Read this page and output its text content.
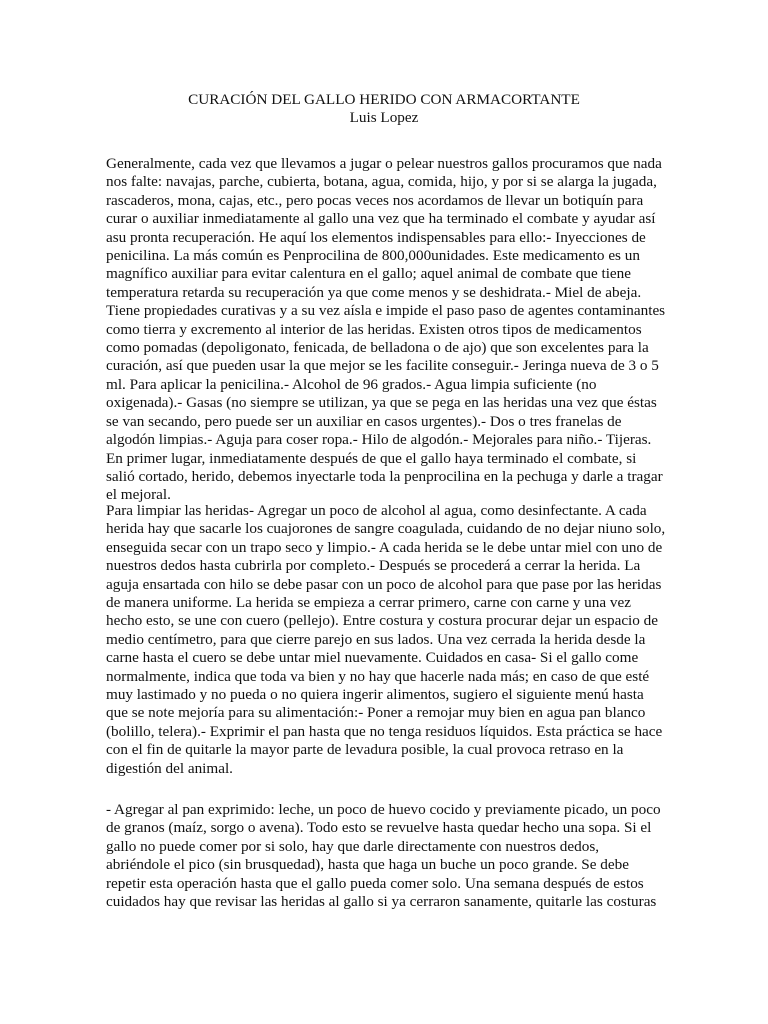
CURACIÓN DEL GALLO HERIDO CON ARMACORTANTE
Luis Lopez

Generalmente, cada vez que llevamos a jugar o pelear nuestros gallos procuramos que nada nos falte: navajas, parche, cubierta, botana, agua, comida, hijo, y por si se alarga la jugada, rascaderos, mona, cajas, etc., pero pocas veces nos acordamos de llevar un botiquín para curar o auxiliar inmediatamente al gallo una vez que ha terminado el combate y ayudar así asu pronta recuperación. He aquí los elementos indispensables para ello:- Inyecciones de penicilina. La más común es Penprocilina de 800,000unidades. Este medicamento es un magnífico auxiliar para evitar calentura en el gallo; aquel animal de combate que tiene temperatura retarda su recuperación ya que come menos y se deshidrata.- Miel de abeja. Tiene propiedades curativas y a su vez aísla e impide el paso paso de agentes contaminantes como tierra y excremento al interior de las heridas. Existen otros tipos de medicamentos como pomadas (depoligonato, fenicada, de belladona o de ajo) que son excelentes para la curación, así que pueden usar la que mejor se les facilite conseguir.- Jeringa nueva de 3 o 5 ml. Para aplicar la penicilina.- Alcohol de 96 grados.- Agua limpia suficiente (no oxigenada).- Gasas (no siempre se utilizan, ya que se pega en las heridas una vez que éstas se van secando, pero puede ser un auxiliar en casos urgentes).- Dos o tres franelas de algodón limpias.- Aguja para coser ropa.- Hilo de algodón.- Mejorales para niño.- Tijeras. En primer lugar, inmediatamente después de que el gallo haya terminado el combate, si salió cortado, herido, debemos inyectarle toda la penprocilina en la pechuga y darle a tragar el mejoral.

Para limpiar las heridas- Agregar un poco de alcohol al agua, como desinfectante. A cada herida hay que sacarle los cuajorones de sangre coagulada, cuidando de no dejar niuno solo, enseguida secar con un trapo seco y limpio.- A cada herida se le debe untar miel con uno de nuestros dedos hasta cubrirla por completo.- Después se procederá a cerrar la herida. La aguja ensartada con hilo se debe pasar con un poco de alcohol para que pase por las heridas de manera uniforme. La herida se empieza a cerrar primero, carne con carne y una vez hecho esto, se une con cuero (pellejo). Entre costura y costura procurar dejar un espacio de medio centímetro, para que cierre parejo en sus lados. Una vez cerrada la herida desde la carne hasta el cuero se debe untar miel nuevamente. Cuidados en casa- Si el gallo come normalmente, indica que toda va bien y no hay que hacerle nada más; en caso de que esté muy lastimado y no pueda o no quiera ingerir alimentos, sugiero el siguiente menú hasta que se note mejoría para su alimentación:- Poner a remojar muy bien en agua pan blanco (bolillo, telera).- Exprimir el pan hasta que no tenga residuos líquidos. Esta práctica se hace con el fin de quitarle la mayor parte de levadura posible, la cual provoca retraso en la digestión del animal.

- Agregar al pan exprimido: leche, un poco de huevo cocido y previamente picado, un poco de granos (maíz, sorgo o avena). Todo esto se revuelve hasta quedar hecho una sopa. Si el gallo no puede comer por si solo, hay que darle directamente con nuestros dedos, abriéndole el pico (sin brusquedad), hasta que haga un buche un poco grande. Se debe repetir esta operación hasta que el gallo pueda comer solo. Una semana después de estos cuidados hay que revisar las heridas al gallo si ya cerraron sanamente, quitarle las costuras
